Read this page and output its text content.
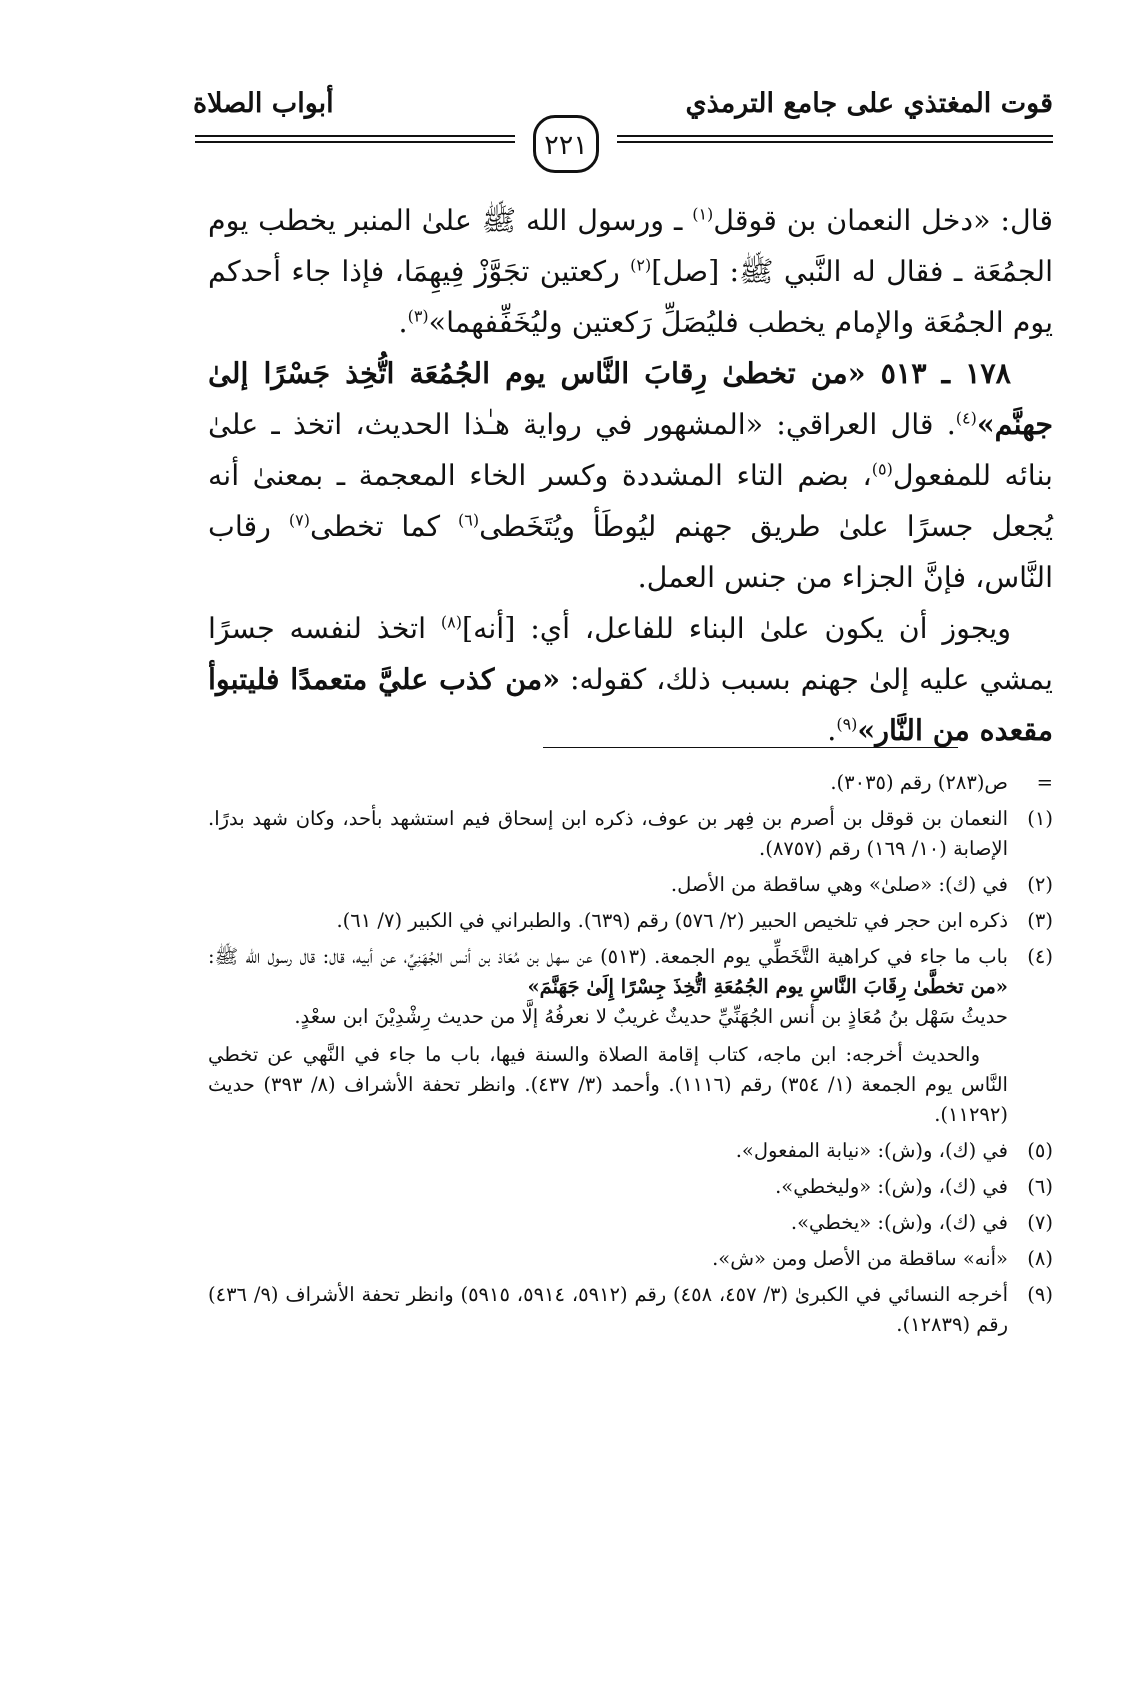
قوت المغتذي على جامع الترمذي
أبواب الصلاة
٢٢١

قال: «دخل النعمان بن قوقل$^{(١)}$ ـ ورسول الله ﷺ علىٰ المنبر يخطب يوم الجمُعَة ـ فقال له النَّبي ﷺ: [صل]$^{(٢)}$ ركعتين تجَوَّزْ فِيهِمَا، فإذا جاء أحدكم يوم الجمُعَة والإمام يخطب فليُصَلِّ رَكعتين وليُخَفِّفهما»$^{(٣)}$.

١٧٨ ـ ٥١٣ «من تخطىٰ رِقابَ النَّاس يوم الجُمُعَة اتُّخِذ جَسْرًا إلىٰ جهنَّم»$^{(٤)}$. قال العراقي: «المشهور في رواية هـٰذا الحديث، اتخذ ـ علىٰ بنائه للمفعول$^{(٥)}$، بضم التاء المشددة وكسر الخاء المعجمة ـ بمعنىٰ أنه يُجعل جسرًا علىٰ طريق جهنم ليُوطَأ ويُتَخَطى$^{(٦)}$ كما تخطى$^{(٧)}$ رقاب النَّاس، فإنَّ الجزاء من جنس العمل.

ويجوز أن يكون علىٰ البناء للفاعل، أي: [أنه]$^{(٨)}$ اتخذ لنفسه جسرًا يمشي عليه إلىٰ جهنم بسبب ذلك، كقوله: «من كذب عليَّ متعمدًا فليتبوأ مقعده من النَّار»$^{(٩)}$.

=
ص(٢٨٣) رقم (٣٠٣٥).
(١)
النعمان بن قوقل بن أصرم بن فِهر بن عوف، ذكره ابن إسحاق فيم استشهد بأحد، وكان شهد بدرًا. الإصابة (١٠/ ١٦٩) رقم (٨٧٥٧).
(٢)
في (ك): «صلىٰ» وهي ساقطة من الأصل.
(٣)
ذكره ابن حجر في تلخيص الحبير (٢/ ٥٧٦) رقم (٦٣٩). والطبراني في الكبير (٧/ ٦١).
(٤)
باب ما جاء في كراهية التَّخَطِّي يوم الجمعة. (٥١٣) عن سهل بن مُعَاذ بن أنس الجُهَنِيِّ، عن أبيه، قال: قال رسول الله ﷺ: «من تخطَّىٰ رِقَابَ النَّاسِ يوم الجُمُعَةِ اتُّخِذَ جِسْرًا إِلَىٰ جَهَنَّمَ»
حديثُ سَهْل بنُ مُعَاذٍ بن أنس الجُهَنِّيِّ حديثٌ غريبٌ لا نعرفُهُ إلَّا من حديث رِشْدِيْنَ ابن سعْدٍ.
والحديث أخرجه: ابن ماجه، كتاب إقامة الصلاة والسنة فيها، باب ما جاء في النَّهي عن تخطي النَّاس يوم الجمعة (١/ ٣٥٤) رقم (١١١٦). وأحمد (٣/ ٤٣٧). وانظر تحفة الأشراف (٨/ ٣٩٣) حديث (١١٢٩٢).
(٥)
في (ك)، و(ش): «نيابة المفعول».
(٦)
في (ك)، و(ش): «وليخطي».
(٧)
في (ك)، و(ش): «يخطي».
(٨)
«أنه» ساقطة من الأصل ومن «ش».
(٩)
أخرجه النسائي في الكبرىٰ (٣/ ٤٥٧، ٤٥٨) رقم (٥٩١٢، ٥٩١٤، ٥٩١٥) وانظر تحفة الأشراف (٩/ ٤٣٦) رقم (١٢٨٣٩).
